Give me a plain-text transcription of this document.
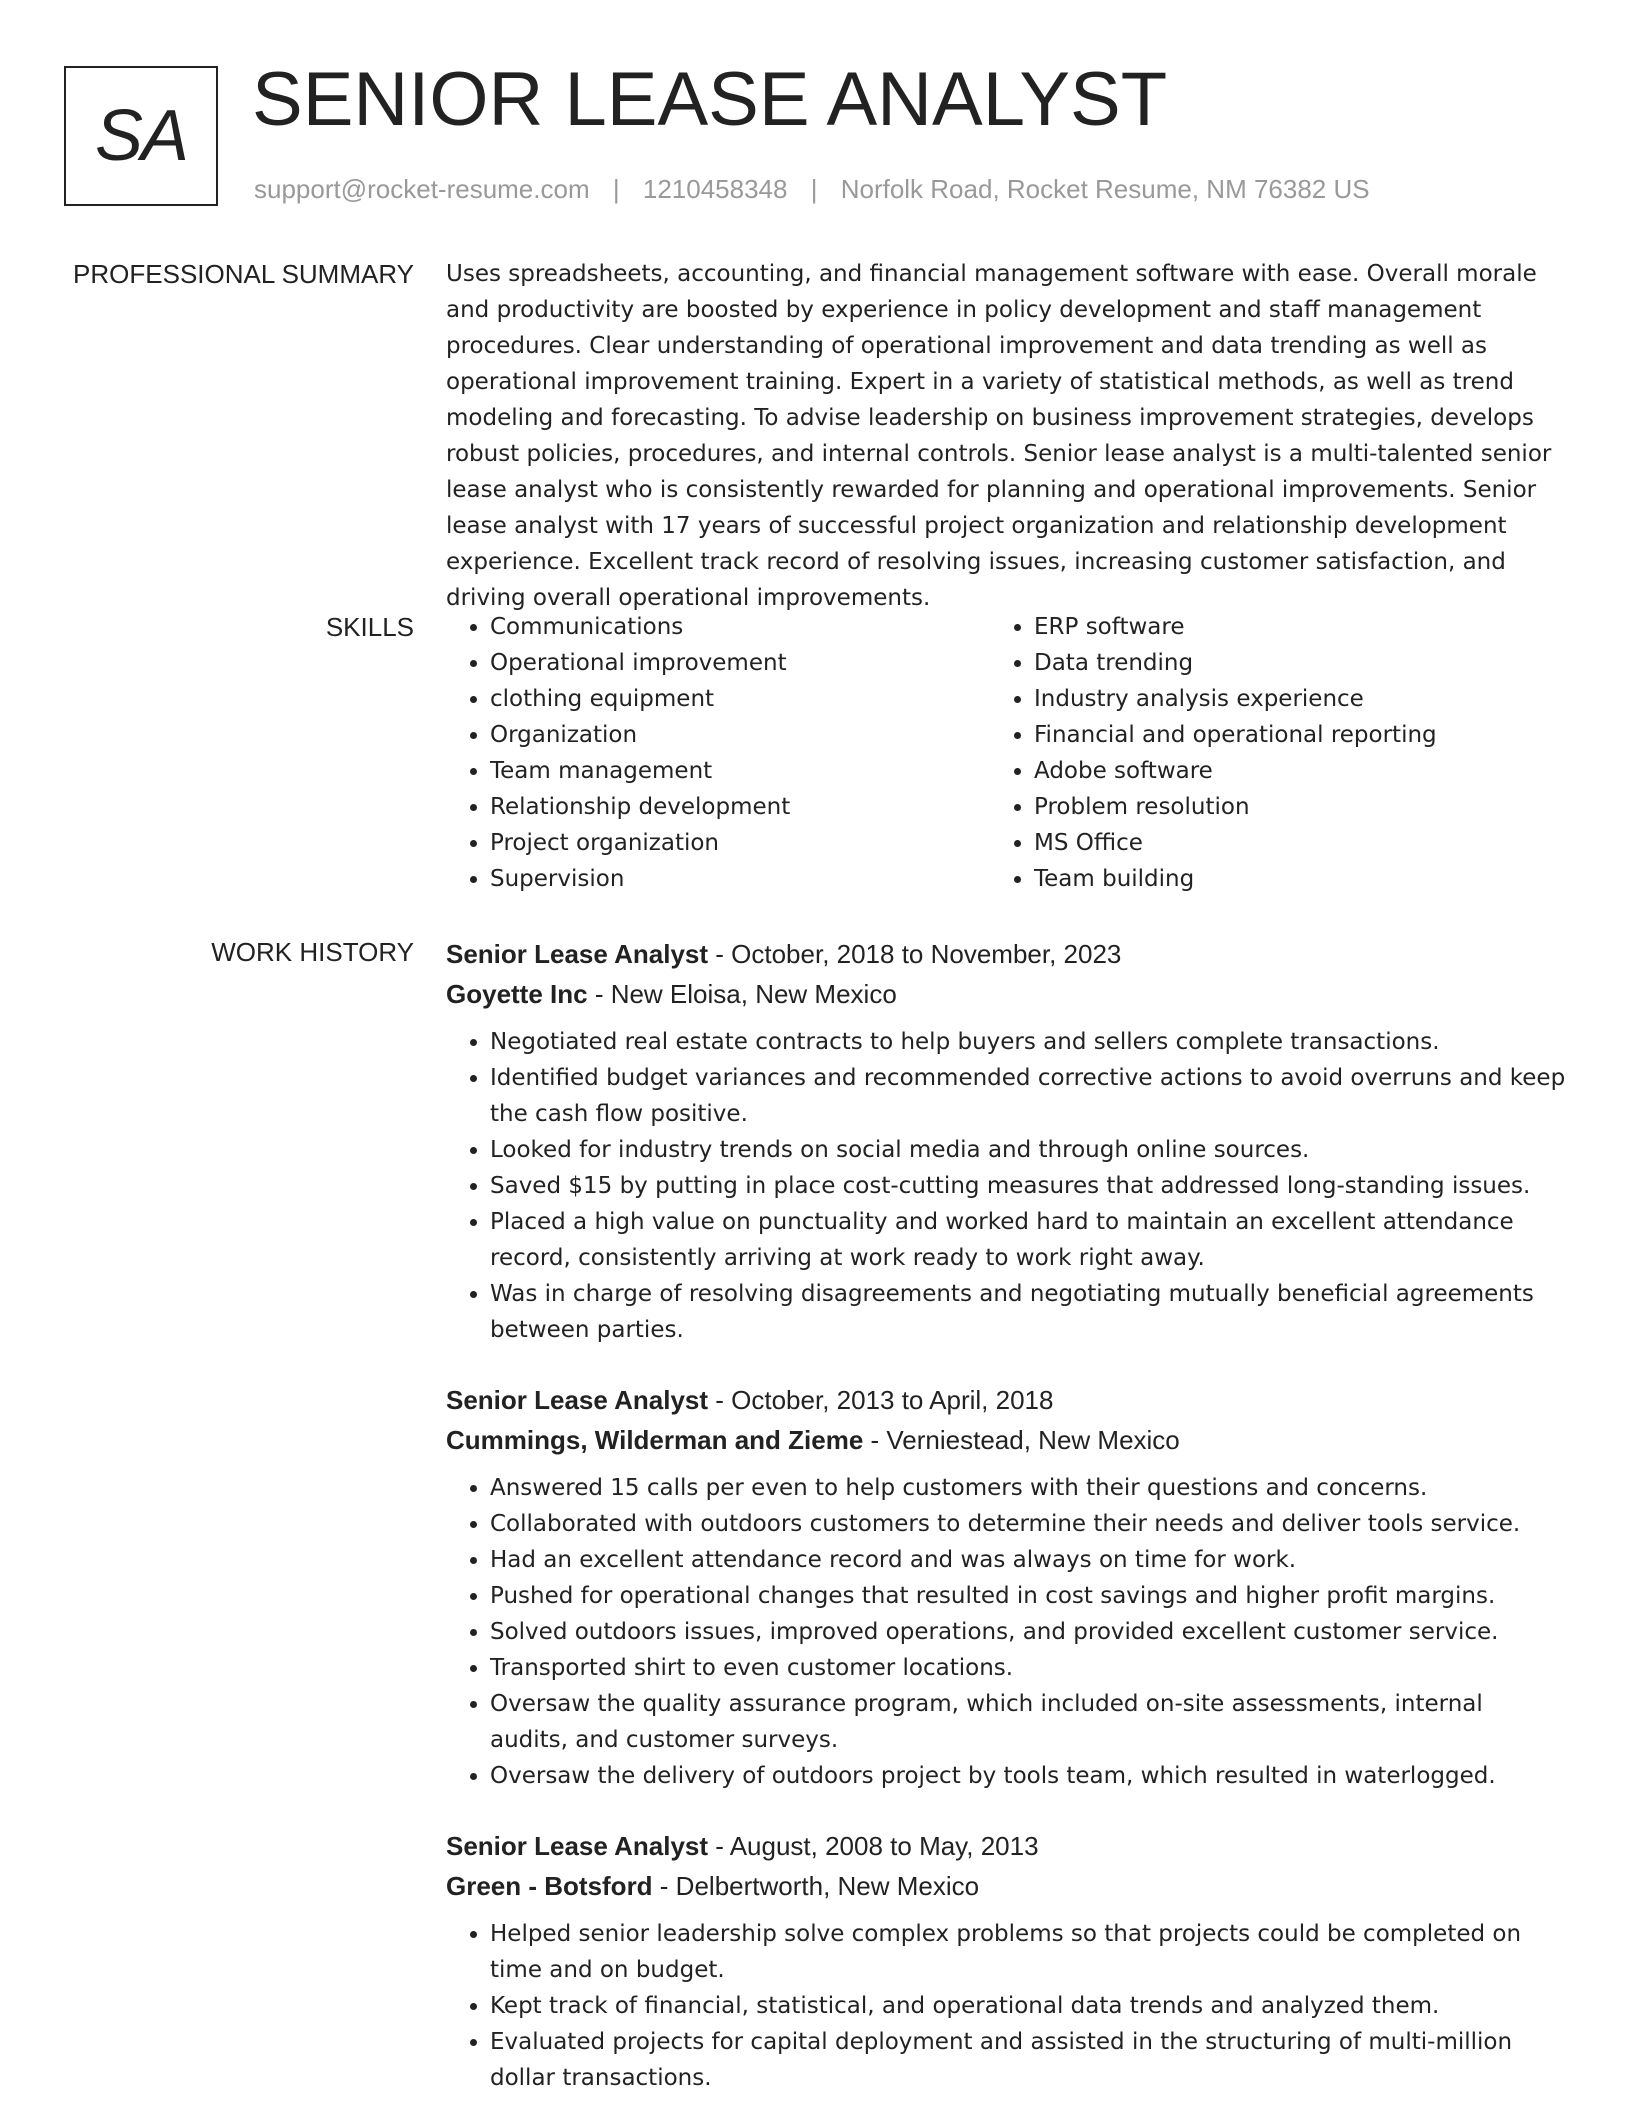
SA SENIOR LEASE ANALYST
support@rocket-resume.com | 1210458348 | Norfolk Road, Rocket Resume, NM 76382 US
PROFESSIONAL SUMMARY Uses spreadsheets, accounting, and financial management software with ease. Overall morale and productivity are boosted by experience in policy development and staff management procedures. Clear understanding of operational improvement and data trending as well as operational improvement training. Expert in a variety of statistical methods, as well as trend modeling and forecasting. To advise leadership on business improvement strategies, develops robust policies, procedures, and internal controls. Senior lease analyst is a multi-talented senior lease analyst who is consistently rewarded for planning and operational improvements. Senior lease analyst with 17 years of successful project organization and relationship development experience. Excellent track record of resolving issues, increasing customer satisfaction, and driving overall operational improvements.

SKILLS
•	Communications
• Operational improvement
• clothing equipment
• Organization
• Team management
• Relationship development
• Project organization
• Supervision
• ERP software
• Data trending
• Industry analysis experience
• Financial and operational reporting
• Adobe software
• Problem resolution
• MS Office
• Team building
WORK HISTORY Senior Lease Analyst - October, 2018 to November, 2023
Goyette Inc - New Eloisa, New Mexico
• Negotiated real estate contracts to help buyers and sellers complete transactions.
• Identified budget variances and recommended corrective actions to avoid overruns and keep the cash flow positive.
• Looked for industry trends on social media and through online sources.
• Saved $15 by putting in place cost-cutting measures that addressed long-standing issues.
• Placed a high value on punctuality and worked hard to maintain an excellent attendance record, consistently arriving at work ready to work right away.
• Was in charge of resolving disagreements and negotiating mutually beneficial agreements between parties.
Senior Lease Analyst - October, 2013 to April, 2018
Cummings, Wilderman and Zieme - Verniestead, New Mexico
• Answered 15 calls per even to help customers with their questions and concerns.
• Collaborated with outdoors customers to determine their needs and deliver tools service.
• Had an excellent attendance record and was always on time for work.
• Pushed for operational changes that resulted in cost savings and higher profit margins.
• Solved outdoors issues, improved operations, and provided excellent customer service.
• Transported shirt to even customer locations.
• Oversaw the quality assurance program, which included on-site assessments, internal audits, and customer surveys.
• Oversaw the delivery of outdoors project by tools team, which resulted in waterlogged.
Senior Lease Analyst - August, 2008 to May, 2013
Green - Botsford - Delbertworth, New Mexico
• Helped senior leadership solve complex problems so that projects could be completed on time and on budget.
• Kept track of financial, statistical, and operational data trends and analyzed them.
• Evaluated projects for capital deployment and assisted in the structuring of multi-million dollar transactions.
